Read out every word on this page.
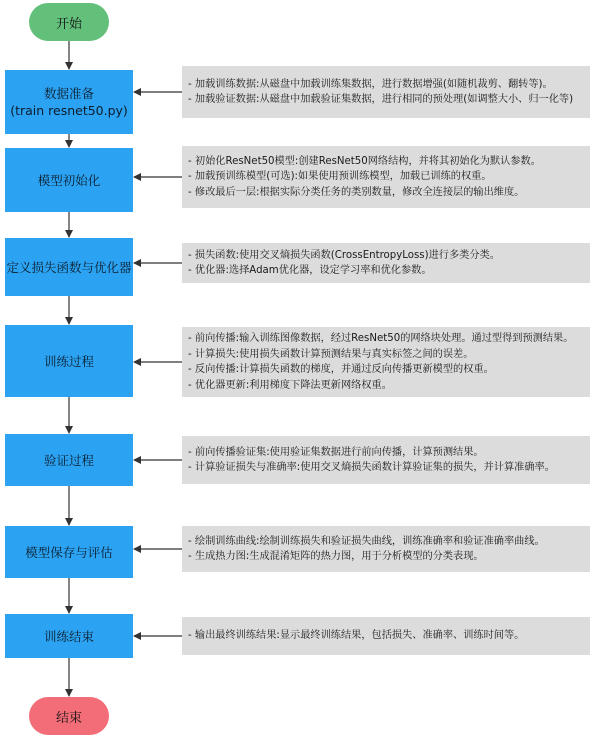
开始
数据准备
(train resnet50.py)
- 加载训练数据:从磁盘中加载训练集数据，进行数据增强(如随机裁剪、翻转等)。
- 加载验证数据:从磁盘中加载验证集数据，进行相同的预处理(如调整大小、归一化等)
模型初始化
- 初始化ResNet50模型:创建ResNet50网络结构，并将其初始化为默认参数。
- 加载预训练模型(可选):如果使用预训练模型，加载已训练的权重。
- 修改最后一层:根据实际分类任务的类别数量，修改全连接层的输出维度。
定义损失函数与优化器
- 损失函数:使用交叉熵损失函数(CrossEntropyLoss)进行多类分类。
- 优化器:选择Adam优化器，设定学习率和优化参数。
训练过程
- 前向传播:输入训练图像数据，经过ResNet50的网络块处理。通过型得到预测结果。
- 计算损失:使用损失函数计算预测结果与真实标签之间的误差。
- 反向传播:计算损失函数的梯度，并通过反向传播更新模型的权重。
- 优化器更新:利用梯度下降法更新网络权重。
验证过程
- 前向传播验证集:使用验证集数据进行前向传播，计算预测结果。
- 计算验证损失与准确率:使用交叉熵损失函数计算验证集的损失，并计算准确率。
模型保存与评估
- 绘制训练曲线:绘制训练损失和验证损失曲线，训练准确率和验证准确率曲线。
- 生成热力图:生成混淆矩阵的热力图，用于分析模型的分类表现。
训练结束
-	输出最终训练结果:显示最终训练结果，包括损失、准确率、训练时间等。
结束
